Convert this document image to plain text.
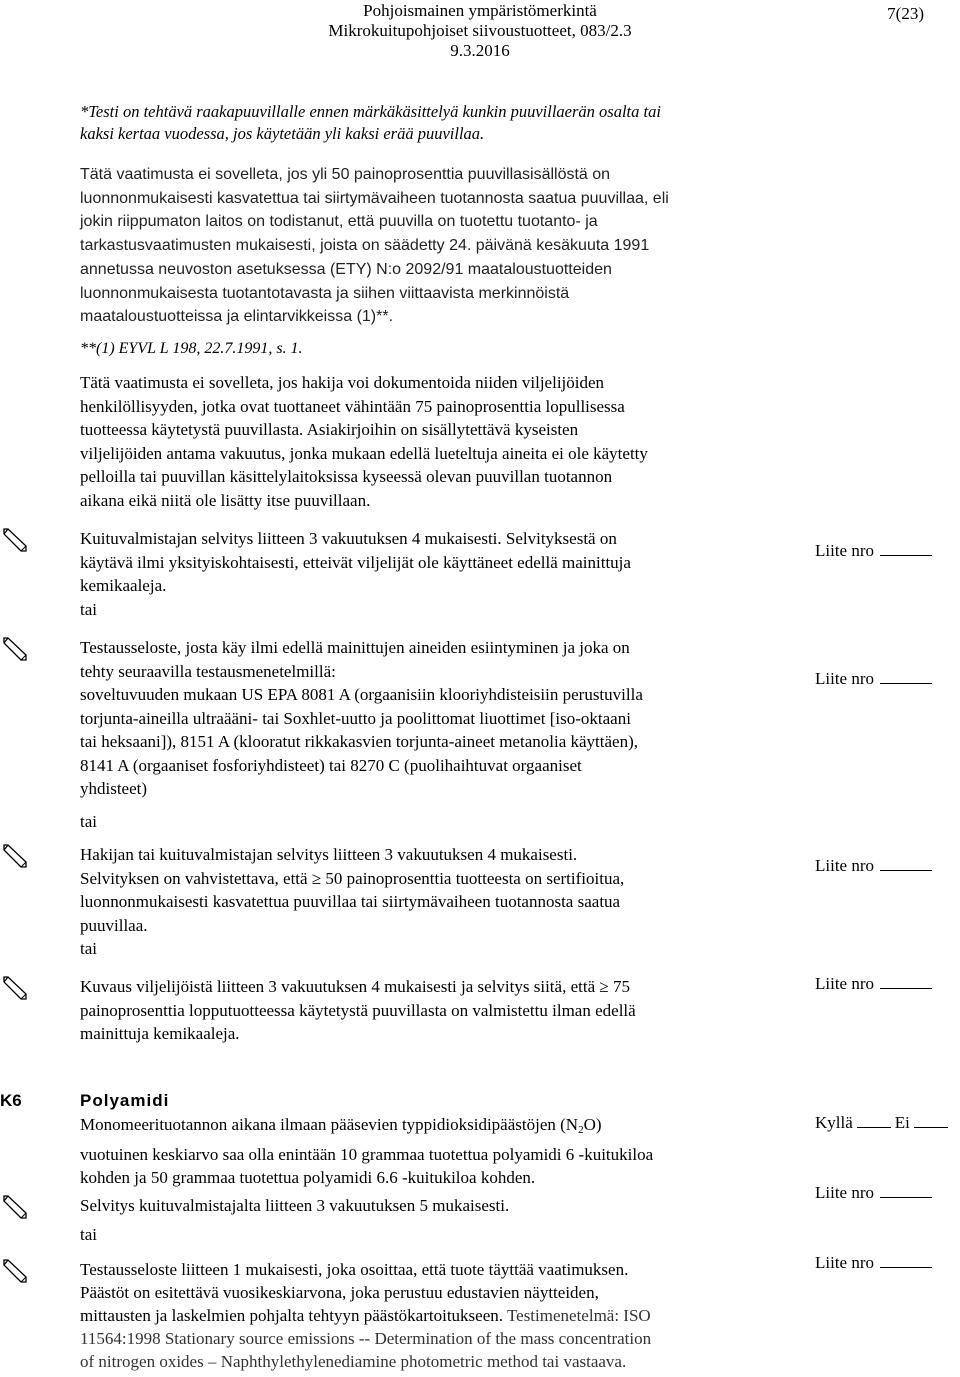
Pohjoismainen ympäristömerkintä
Mikrokuitupohjoiset siivoustuotteet, 083/2.3
9.3.2016
7(23)
*Testi on tehtävä raakapuuvillalle ennen märkäkäsittelyä kunkin puuvillaerän osalta tai
kaksi kertaa vuodessa, jos käytetään yli kaksi erää puuvillaa.
Tätä vaatimusta ei sovelleta, jos yli 50 painoprosenttia puuvillasisällöstä on
luonnonmukaisesti kasvatettua tai siirtymävaiheen tuotannosta saatua puuvillaa, eli
jokin riippumaton laitos on todistanut, että puuvilla on tuotettu tuotanto- ja
tarkastusvaatimusten mukaisesti, joista on säädetty 24. päivänä kesäkuuta 1991
annetussa neuvoston asetuksessa (ETY) N:o 2092/91 maataloustuotteiden
luonnonmukaisesta tuotantotavasta ja siihen viittaavista merkinnöistä
maataloustuotteissa ja elintarvikkeissa (1)**.
**(1) EYVL L 198, 22.7.1991, s. 1.
Tätä vaatimusta ei sovelleta, jos hakija voi dokumentoida niiden viljelijöiden
henkilöllisyyden, jotka ovat tuottaneet vähintään 75 painoprosenttia lopullisessa
tuotteessa käytetystä puuvillasta. Asiakirjoihin on sisällytettävä kyseisten
viljelijöiden antama vakuutus, jonka mukaan edellä lueteltuja aineita ei ole käytetty
pelloilla tai puuvillan käsittelylaitoksissa kyseessä olevan puuvillan tuotannon
aikana eikä niitä ole lisätty itse puuvillaan.
Kuituvalmistajan selvitys liitteen 3 vakuutuksen 4 mukaisesti. Selvityksestä on
käytävä ilmi yksityiskohtaisesti, etteivät viljelijät ole käyttäneet edellä mainittuja
kemikaaleja.
tai
Liite nro
Testausseloste, josta käy ilmi edellä mainittujen aineiden esiintyminen ja joka on
tehty seuraavilla testausmenetelmillä:
soveltuvuuden mukaan US EPA 8081 A (orgaanisiin klooriyhdisteisiin perustuvilla
torjunta-aineilla ultraääni- tai Soxhlet-uutto ja poolittomat liuottimet [iso-oktaani
tai heksaani]), 8151 A (klooratut rikkakasvien torjunta-aineet metanolia käyttäen),
8141 A (orgaaniset fosforiyhdisteet) tai 8270 C (puolihaihtuvat orgaaniset
yhdisteet)
tai
Liite nro
Hakijan tai kuituvalmistajan selvitys liitteen 3 vakuutuksen 4 mukaisesti.
Selvityksen on vahvistettava, että ≥ 50 painoprosenttia tuotteesta on sertifioitua,
luonnonmukaisesti kasvatettua puuvillaa tai siirtymävaiheen tuotannosta saatua
puuvillaa.
tai
Liite nro
Kuvaus viljelijöistä liitteen 3 vakuutuksen 4 mukaisesti ja selvitys siitä, että ≥ 75
painoprosenttia lopputuotteessa käytetystä puuvillasta on valmistettu ilman edellä
mainittuja kemikaaleja.
Liite nro
K6	Polyamidi
Monomeerituotannon aikana ilmaan pääsevien typpidioksidipäästöjen $(N_2O)$
vuotuinen keskiarvo saa olla enintään 10 grammaa tuotettua polyamidi 6 -kuitukiloa
kohden ja 50 grammaa tuotettua polyamidi 6.6 -kuitukiloa kohden.
Kyllä Ei
Selvitys kuituvalmistajalta liitteen 3 vakuutuksen 5 mukaisesti.
tai
Liite nro
Testausseloste liitteen 1 mukaisesti, joka osoittaa, että tuote täyttää vaatimuksen.
Päästöt on esitettävä vuosikeskiarvona, joka perustuu edustavien näytteiden,
mittausten ja laskelmien pohjalta tehtyyn päästökartoitukseen. Testimenetelmä: ISO
11564:1998 Stationary source emissions -- Determination of the mass concentration
of nitrogen oxides – Naphthylethylenediamine photometric method tai vastaava.
Liite nro
